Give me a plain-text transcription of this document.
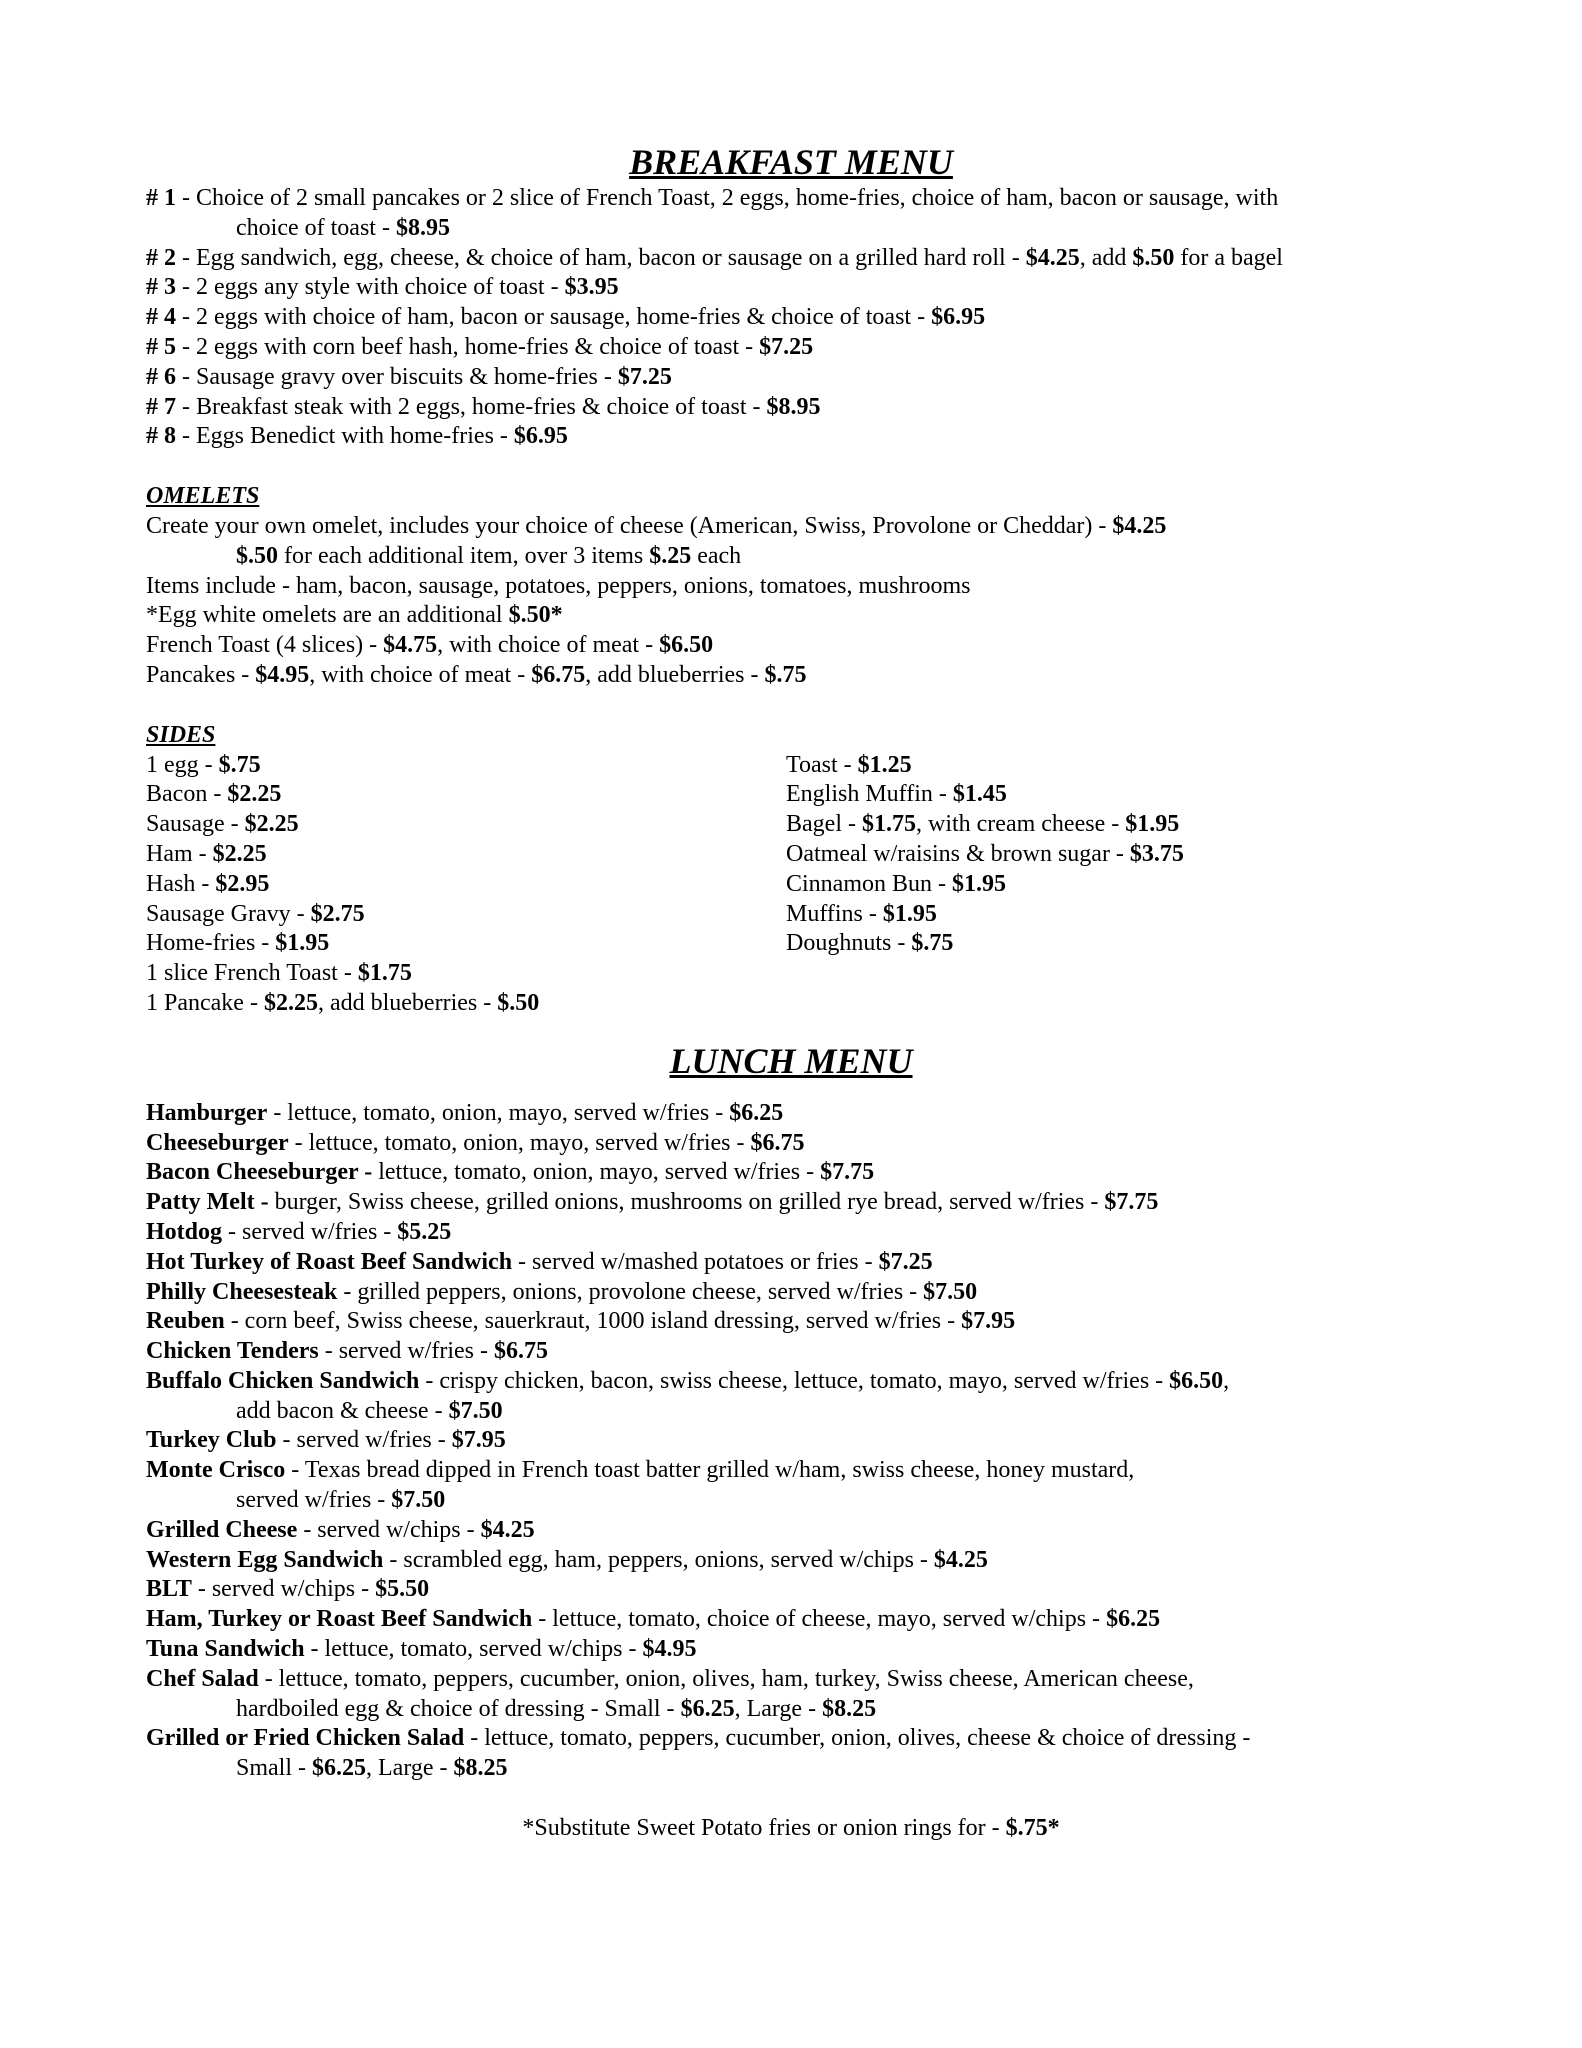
BREAKFAST MENU
# 1 - Choice of 2 small pancakes or 2 slice of French Toast, 2 eggs, home-fries, choice of ham, bacon or sausage, with
choice of toast - $8.95
# 2 - Egg sandwich, egg, cheese, & choice of ham, bacon or sausage on a grilled hard roll - $4.25, add $.50 for a bagel
# 3 - 2 eggs any style with choice of toast - $3.95
# 4 - 2 eggs with choice of ham, bacon or sausage, home-fries & choice of toast - $6.95
# 5 - 2 eggs with corn beef hash, home-fries & choice of toast - $7.25
# 6 - Sausage gravy over biscuits & home-fries - $7.25
# 7 - Breakfast steak with 2 eggs, home-fries & choice of toast - $8.95
# 8 - Eggs Benedict with home-fries - $6.95
OMELETS
Create your own omelet, includes your choice of cheese (American, Swiss, Provolone or Cheddar) - $4.25
$.50 for each additional item, over 3 items $.25 each
Items include - ham, bacon, sausage, potatoes, peppers, onions, tomatoes, mushrooms
*Egg white omelets are an additional $.50*
French Toast (4 slices) - $4.75, with choice of meat - $6.50
Pancakes - $4.95, with choice of meat - $6.75, add blueberries - $.75
SIDES
1 egg - $.75
Bacon - $2.25
Sausage - $2.25
Ham - $2.25
Hash - $2.95
Sausage Gravy - $2.75
Home-fries - $1.95
1 slice French Toast - $1.75
1 Pancake - $2.25, add blueberries - $.50
Toast - $1.25
English Muffin - $1.45
Bagel - $1.75, with cream cheese - $1.95
Oatmeal w/raisins & brown sugar - $3.75
Cinnamon Bun - $1.95
Muffins - $1.95
Doughnuts - $.75
LUNCH MENU
Hamburger - lettuce, tomato, onion, mayo, served w/fries - $6.25
Cheeseburger - lettuce, tomato, onion, mayo, served w/fries - $6.75
Bacon Cheeseburger - lettuce, tomato, onion, mayo, served w/fries - $7.75
Patty Melt - burger, Swiss cheese, grilled onions, mushrooms on grilled rye bread, served w/fries - $7.75
Hotdog - served w/fries - $5.25
Hot Turkey of Roast Beef Sandwich - served w/mashed potatoes or fries - $7.25
Philly Cheesesteak - grilled peppers, onions, provolone cheese, served w/fries - $7.50
Reuben - corn beef, Swiss cheese, sauerkraut, 1000 island dressing, served w/fries - $7.95
Chicken Tenders - served w/fries - $6.75
Buffalo Chicken Sandwich - crispy chicken, bacon, swiss cheese, lettuce, tomato, mayo, served w/fries - $6.50,
add bacon & cheese - $7.50
Turkey Club - served w/fries - $7.95
Monte Crisco - Texas bread dipped in French toast batter grilled w/ham, swiss cheese, honey mustard,
served w/fries - $7.50
Grilled Cheese - served w/chips - $4.25
Western Egg Sandwich - scrambled egg, ham, peppers, onions, served w/chips - $4.25
BLT - served w/chips - $5.50
Ham, Turkey or Roast Beef Sandwich - lettuce, tomato, choice of cheese, mayo, served w/chips - $6.25
Tuna Sandwich - lettuce, tomato, served w/chips - $4.95
Chef Salad - lettuce, tomato, peppers, cucumber, onion, olives, ham, turkey, Swiss cheese, American cheese,
hardboiled egg & choice of dressing - Small - $6.25, Large - $8.25
Grilled or Fried Chicken Salad - lettuce, tomato, peppers, cucumber, onion, olives, cheese & choice of dressing -
Small - $6.25, Large - $8.25
*Substitute Sweet Potato fries or onion rings for - $.75*
